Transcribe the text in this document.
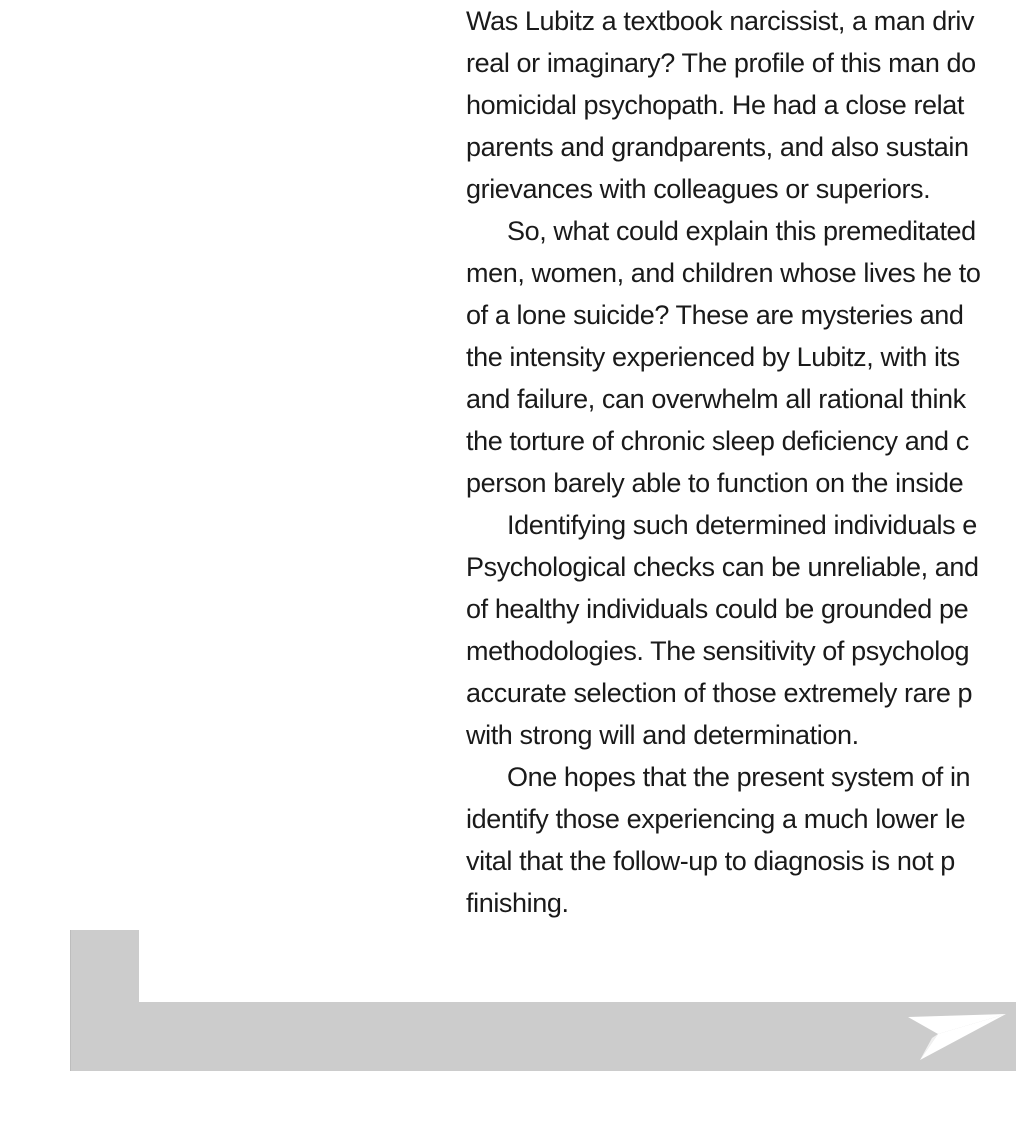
Was Lubitz a textbook narcissist, a man driv
real or imaginary? The profile of this man do
homicidal psychopath. He had a close relat
parents and grandparents, and also sustain
grievances with colleagues or superiors.
So, what could explain this premeditated
men, women, and children whose lives he to
of a lone suicide? These are mysteries and
the intensity experienced by Lubitz, with its
and failure, can overwhelm all rational think
the torture of chronic sleep deficiency and c
person barely able to function on the inside
Identifying such determined individuals e
Psychological checks can be unreliable, and
of healthy individuals could be grounded pe
methodologies. The sensitivity of psycholog
accurate selection of those extremely rare p
with strong will and determination.
One hopes that the present system of in
identify those experiencing a much lower le
vital that the follow-up to diagnosis is not p
finishing.
